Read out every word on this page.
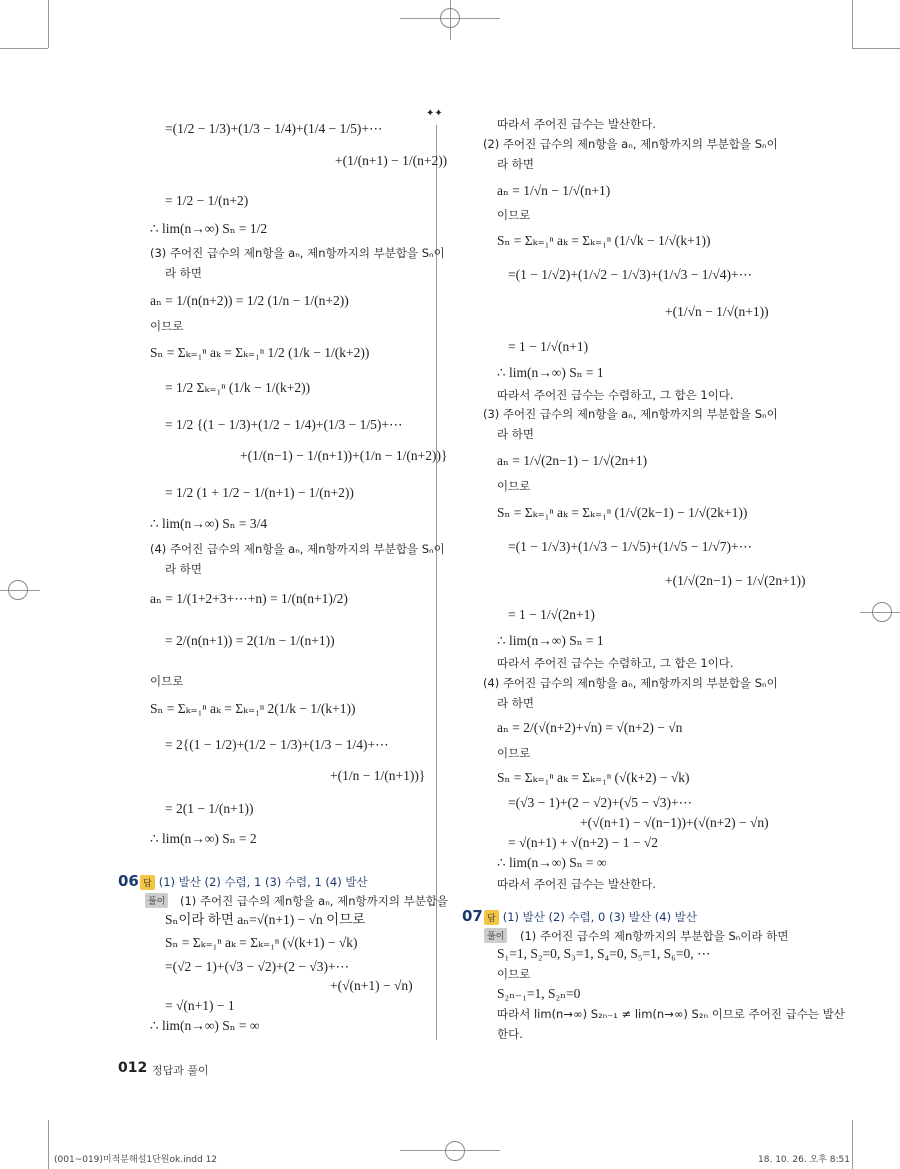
✦✦
=(1/2 − 1/3)+(1/3 − 1/4)+(1/4 − 1/5)+⋯
+(1/(n+1) − 1/(n+2))
= 1/2 − 1/(n+2)
∴ lim(n→∞) Sₙ = 1/2
(3) 주어진 급수의 제n항을 aₙ, 제n항까지의 부분합을 Sₙ이
라 하면
aₙ = 1/(n(n+2)) = 1/2 (1/n − 1/(n+2))
이므로
Sₙ = Σₖ₌₁ⁿ aₖ = Σₖ₌₁ⁿ 1/2 (1/k − 1/(k+2))
= 1/2 Σₖ₌₁ⁿ (1/k − 1/(k+2))
= 1/2 {(1 − 1/3)+(1/2 − 1/4)+(1/3 − 1/5)+⋯
+(1/(n−1) − 1/(n+1))+(1/n − 1/(n+2))}
= 1/2 (1 + 1/2 − 1/(n+1) − 1/(n+2))
∴ lim(n→∞) Sₙ = 3/4
(4) 주어진 급수의 제n항을 aₙ, 제n항까지의 부분합을 Sₙ이
라 하면
aₙ = 1/(1+2+3+⋯+n) = 1/(n(n+1)/2)
= 2/(n(n+1)) = 2(1/n − 1/(n+1))
이므로
Sₙ = Σₖ₌₁ⁿ aₖ = Σₖ₌₁ⁿ 2(1/k − 1/(k+1))
= 2{(1 − 1/2)+(1/2 − 1/3)+(1/3 − 1/4)+⋯
+(1/n − 1/(n+1))}
= 2(1 − 1/(n+1))
∴ lim(n→∞) Sₙ = 2
따라서 주어진 급수는 발산한다.
(2) 주어진 급수의 제n항을 aₙ, 제n항까지의 부분합을 Sₙ이
라 하면
aₙ = 1/√n − 1/√(n+1)
이므로
Sₙ = Σₖ₌₁ⁿ aₖ = Σₖ₌₁ⁿ (1/√k − 1/√(k+1))
=(1 − 1/√2)+(1/√2 − 1/√3)+(1/√3 − 1/√4)+⋯
+(1/√n − 1/√(n+1))
= 1 − 1/√(n+1)
∴ lim(n→∞) Sₙ = 1
따라서 주어진 급수는 수렴하고, 그 합은 1이다.
(3) 주어진 급수의 제n항을 aₙ, 제n항까지의 부분합을 Sₙ이
라 하면
aₙ = 1/√(2n−1) − 1/√(2n+1)
이므로
Sₙ = Σₖ₌₁ⁿ aₖ = Σₖ₌₁ⁿ (1/√(2k−1) − 1/√(2k+1))
=(1 − 1/√3)+(1/√3 − 1/√5)+(1/√5 − 1/√7)+⋯
+(1/√(2n−1) − 1/√(2n+1))
= 1 − 1/√(2n+1)
∴ lim(n→∞) Sₙ = 1
따라서 주어진 급수는 수렴하고, 그 합은 1이다.
(4) 주어진 급수의 제n항을 aₙ, 제n항까지의 부분합을 Sₙ이
라 하면
aₙ = 2/(√(n+2)+√n) = √(n+2) − √n
이므로
Sₙ = Σₖ₌₁ⁿ aₖ = Σₖ₌₁ⁿ (√(k+2) − √k)
=(√3 − 1)+(2 − √2)+(√5 − √3)+⋯
+(√(n+1) − √(n−1))+(√(n+2) − √n)
= √(n+1) + √(n+2) − 1 − √2
∴ lim(n→∞) Sₙ = ∞
따라서 주어진 급수는 발산한다.
06 답 (1) 발산 (2) 수렴, 1 (3) 수렴, 1 (4) 발산
풀이	(1) 주어진 급수의 제n항을 aₙ, 제n항까지의 부분합을
Sₙ이라 하면 aₙ=√(n+1) − √n 이므로
Sₙ = Σₖ₌₁ⁿ aₖ = Σₖ₌₁ⁿ (√(k+1) − √k)
=(√2 − 1)+(√3 − √2)+(2 − √3)+⋯
+(√(n+1) − √n)
= √(n+1) − 1
∴ lim(n→∞) Sₙ = ∞
07 답 (1) 발산 (2) 수렴, 0 (3) 발산 (4) 발산
풀이	(1) 주어진 급수의 제n항까지의 부분합을 Sₙ이라 하면
S₁=1, S₂=0, S₃=1, S₄=0, S₅=1, S₆=0, ⋯
이므로
S₂ₙ₋₁=1, S₂ₙ=0
따라서 lim(n→∞) S₂ₙ₋₁ ≠ lim(n→∞) S₂ₙ 이므로 주어진 급수는 발산
한다.
012 정답과 풀이
(001~019)미적분해설1단원ok.indd 12	18. 10. 26. 오후 8:51
